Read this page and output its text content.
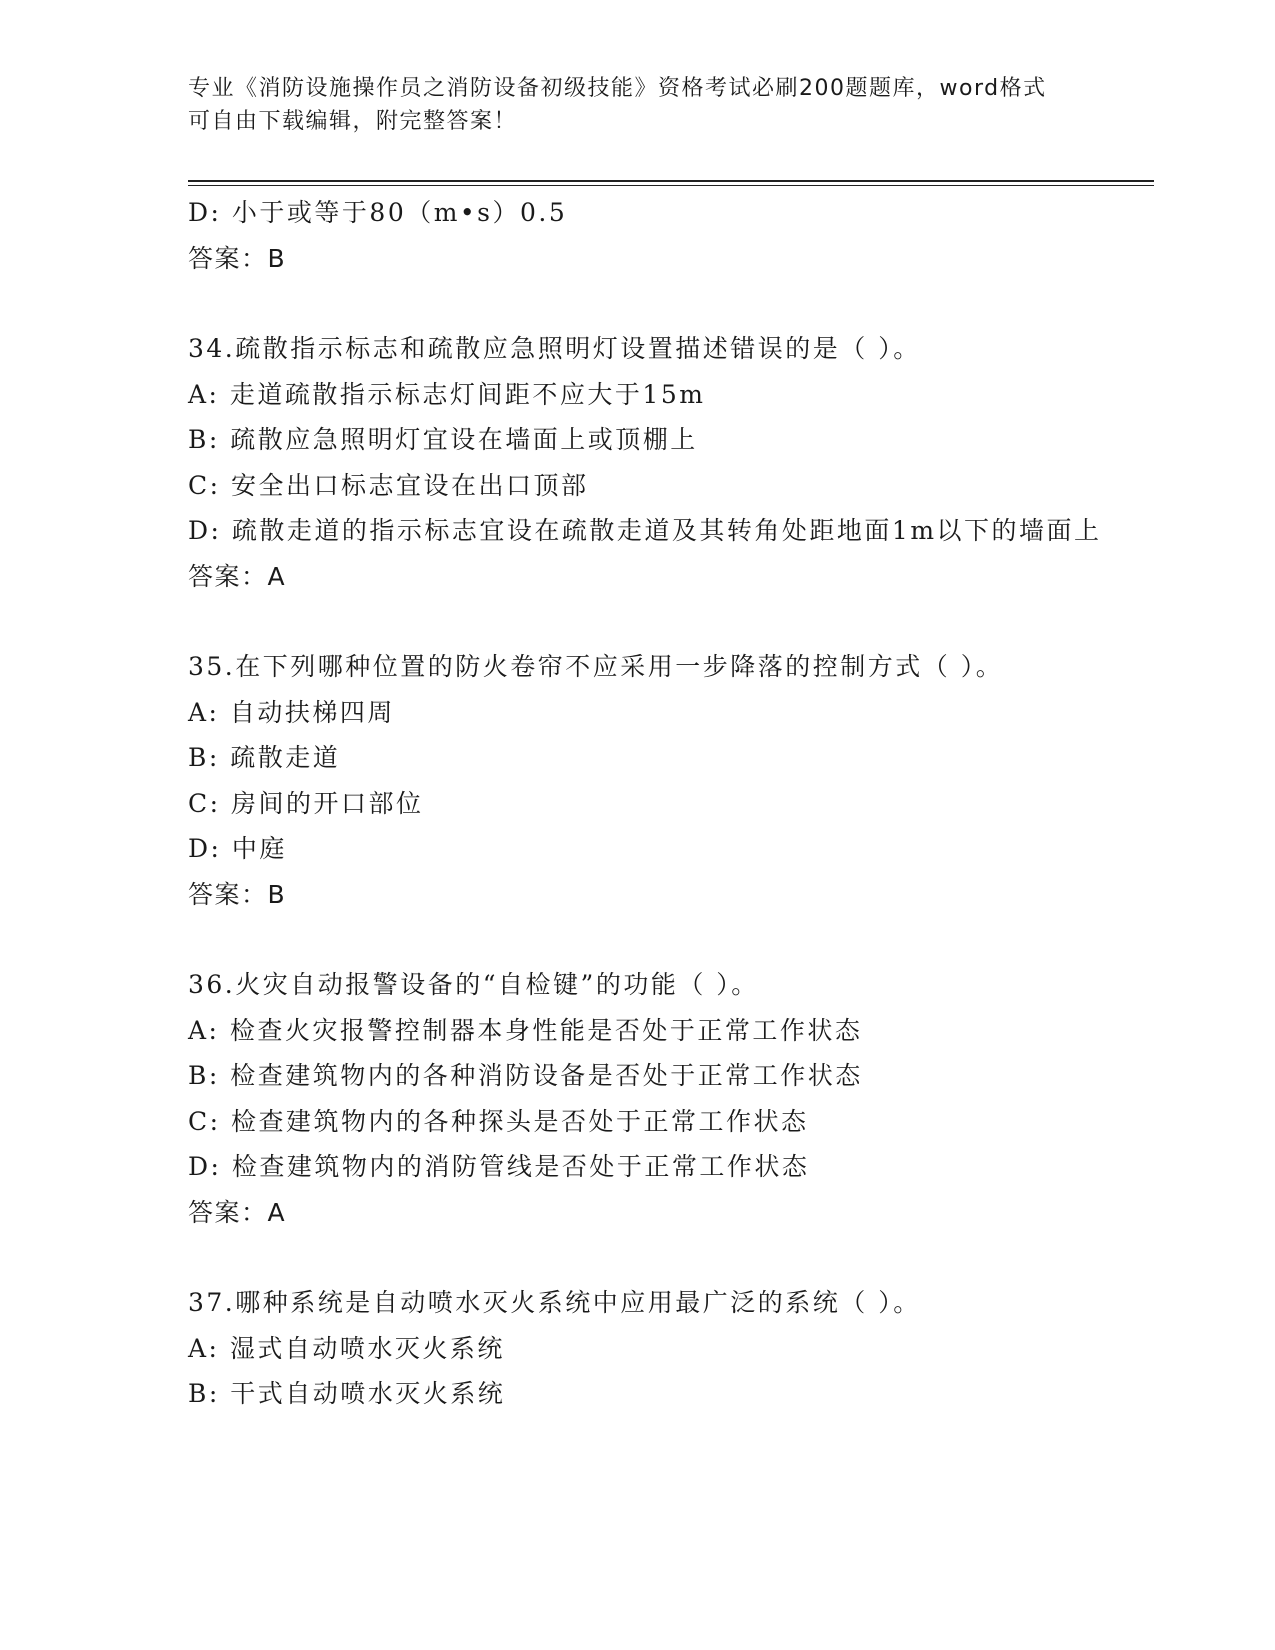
专业《消防设施操作员之消防设备初级技能》资格考试必刷200题题库，word格式可自由下载编辑，附完整答案！

D: 小于或等于80（m•s）0.5

答案：B

34.疏散指示标志和疏散应急照明灯设置描述错误的是（ ）。

A: 走道疏散指示标志灯间距不应大于15m

B: 疏散应急照明灯宜设在墙面上或顶棚上

C: 安全出口标志宜设在出口顶部

D: 疏散走道的指示标志宜设在疏散走道及其转角处距地面1m以下的墙面上

答案：A

35.在下列哪种位置的防火卷帘不应采用一步降落的控制方式（ ）。

A: 自动扶梯四周

B: 疏散走道

C: 房间的开口部位

D: 中庭

答案：B

36.火灾自动报警设备的“自检键”的功能（ ）。

A: 检查火灾报警控制器本身性能是否处于正常工作状态

B: 检查建筑物内的各种消防设备是否处于正常工作状态

C: 检查建筑物内的各种探头是否处于正常工作状态

D: 检查建筑物内的消防管线是否处于正常工作状态

答案：A

37.哪种系统是自动喷水灭火系统中应用最广泛的系统（ ）。

A: 湿式自动喷水灭火系统

B: 干式自动喷水灭火系统
